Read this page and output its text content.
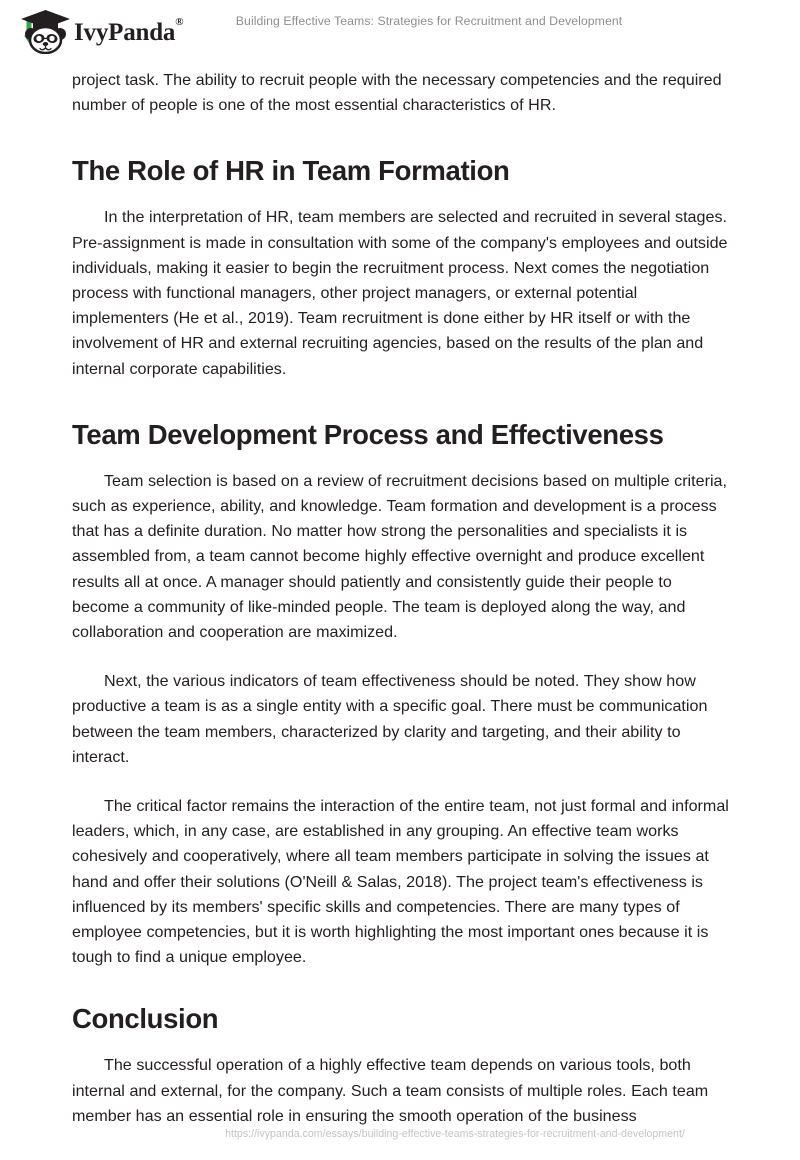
IvyPanda®	Building Effective Teams: Strategies for Recruitment and Development

project task. The ability to recruit people with the necessary competencies and the required number of people is one of the most essential characteristics of HR.

The Role of HR in Team Formation

In the interpretation of HR, team members are selected and recruited in several stages. Pre-assignment is made in consultation with some of the company's employees and outside individuals, making it easier to begin the recruitment process. Next comes the negotiation process with functional managers, other project managers, or external potential implementers (He et al., 2019). Team recruitment is done either by HR itself or with the involvement of HR and external recruiting agencies, based on the results of the plan and internal corporate capabilities.

Team Development Process and Effectiveness

Team selection is based on a review of recruitment decisions based on multiple criteria, such as experience, ability, and knowledge. Team formation and development is a process that has a definite duration. No matter how strong the personalities and specialists it is assembled from, a team cannot become highly effective overnight and produce excellent results all at once. A manager should patiently and consistently guide their people to become a community of like-minded people. The team is deployed along the way, and collaboration and cooperation are maximized.

Next, the various indicators of team effectiveness should be noted. They show how productive a team is as a single entity with a specific goal. There must be communication between the team members, characterized by clarity and targeting, and their ability to interact.

The critical factor remains the interaction of the entire team, not just formal and informal leaders, which, in any case, are established in any grouping. An effective team works cohesively and cooperatively, where all team members participate in solving the issues at hand and offer their solutions (O'Neill & Salas, 2018). The project team's effectiveness is influenced by its members' specific skills and competencies. There are many types of employee competencies, but it is worth highlighting the most important ones because it is tough to find a unique employee.

Conclusion

The successful operation of a highly effective team depends on various tools, both internal and external, for the company. Such a team consists of multiple roles. Each team member has an essential role in ensuring the smooth operation of the business

https://ivypanda.com/essays/building-effective-teams-strategies-for-recruitment-and-development/
